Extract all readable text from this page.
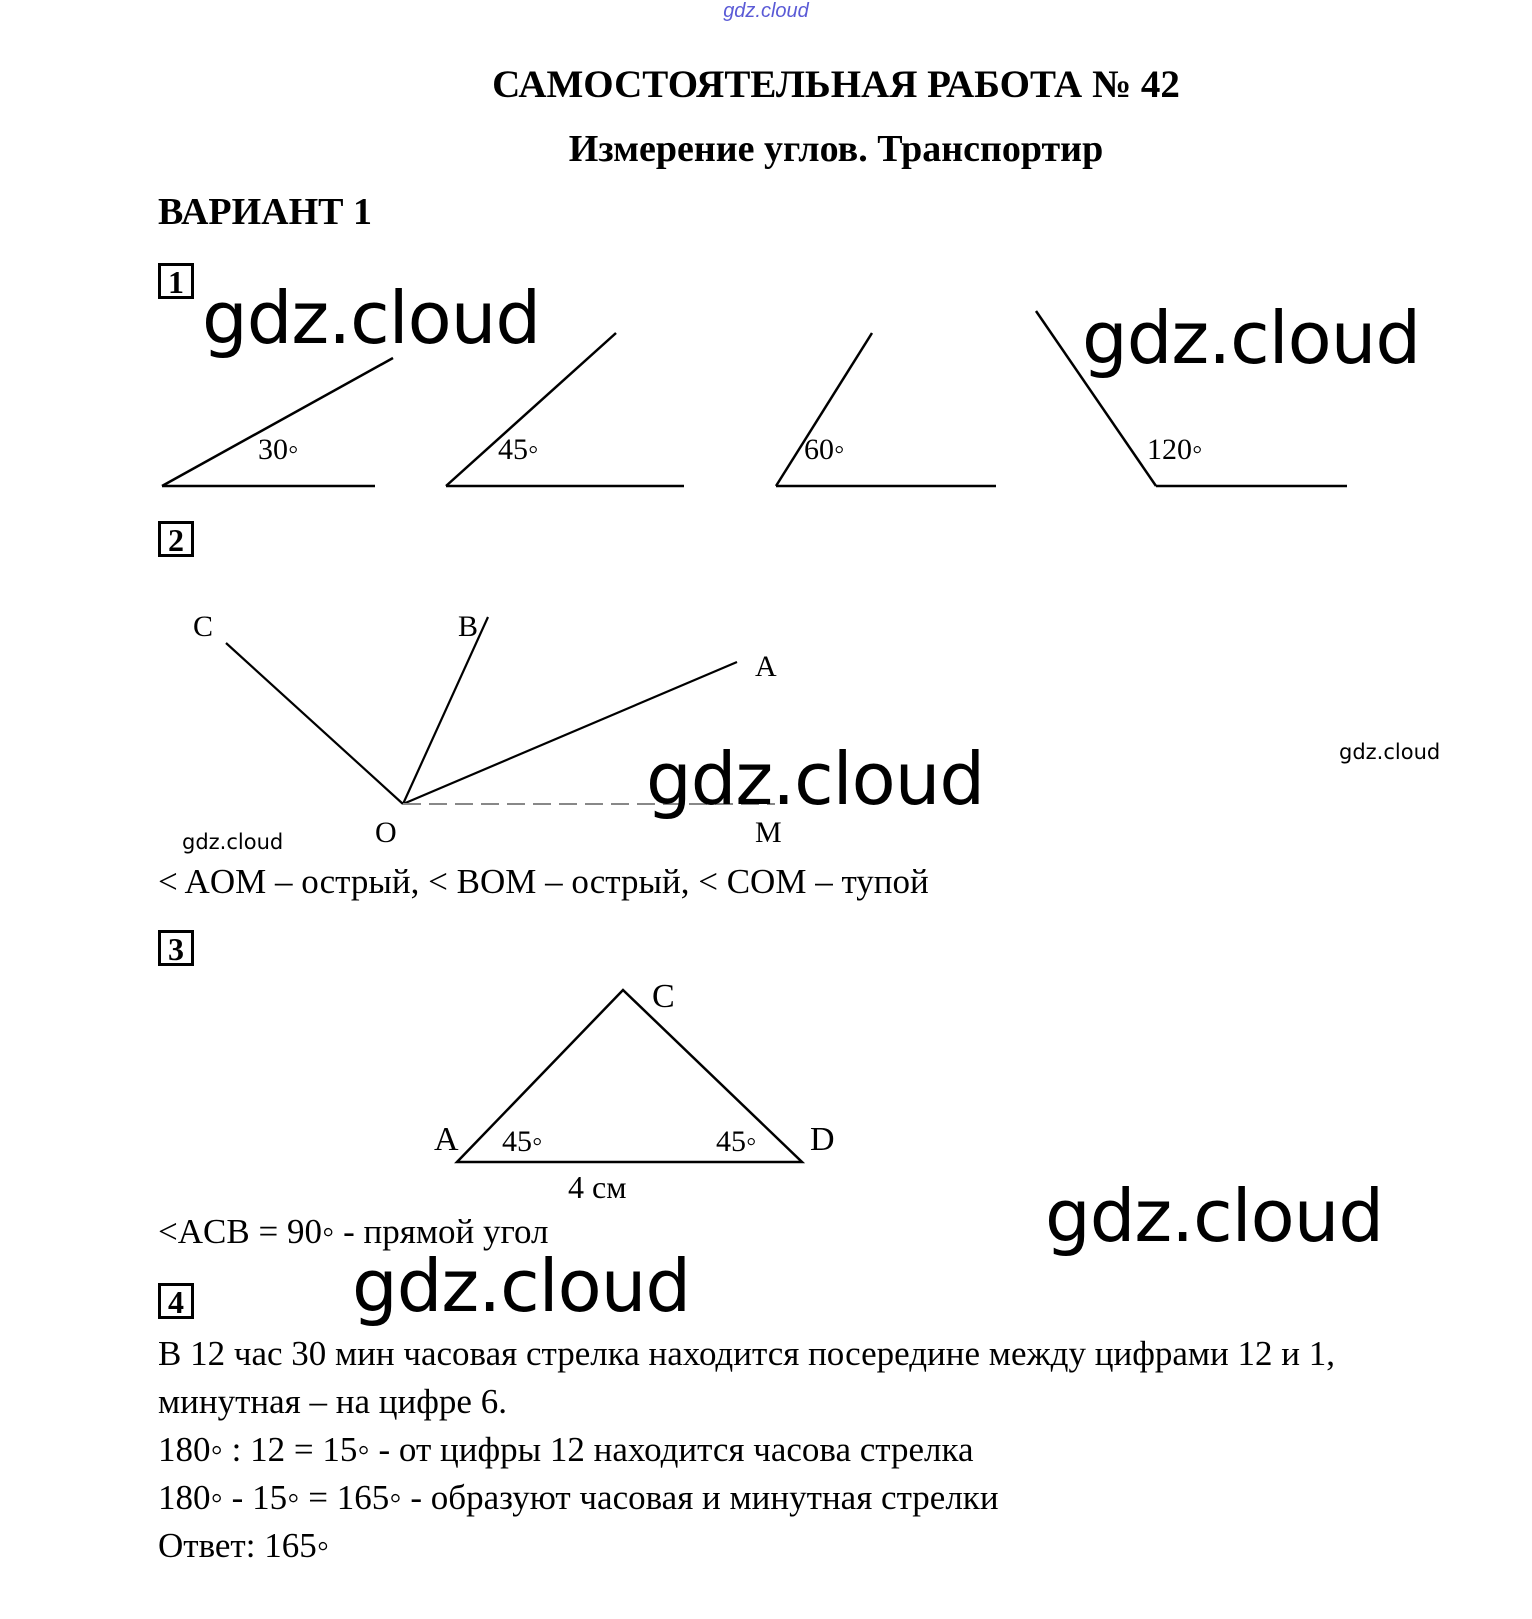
gdz.cloud
САМОСТОЯТЕЛЬНАЯ РАБОТА № 42
Измерение углов. Транспортир
ВАРИАНТ 1
1
2
3
4
30◦	45◦	60◦	120◦
C	B
A
O	M
C
A	D
45◦	45◦
4 см
< AOM – острый, < BOM – острый, < COM – тупой
<ACB = 90◦ - прямой угол
В 12 час 30 мин часовая стрелка находится посередине между цифрами 12 и 1,
минутная – на цифре 6.
180◦ : 12 = 15◦ - от цифры 12 находится часова стрелка
180◦ - 15◦ = 165◦ - образуют часовая и минутная стрелки
Ответ: 165◦
gdz.cloud	gdz.cloud
gdz.cloud
gdz.cloud
gdz.cloud
gdz.cloud
gdz.cloud
